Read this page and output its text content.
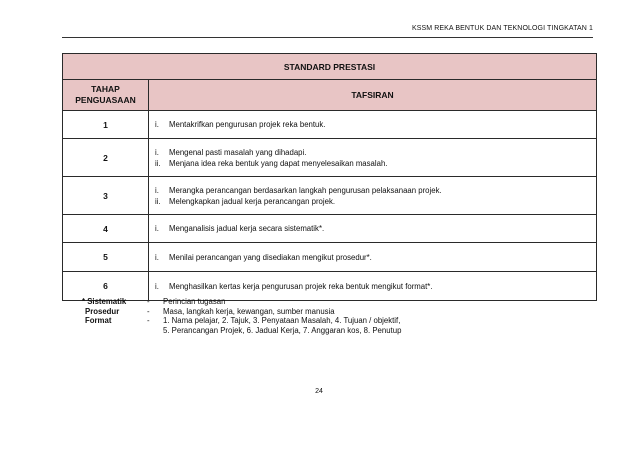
KSSM REKA BENTUK DAN TEKNOLOGI TINGKATAN 1
STANDARD PRESTASI	
TAHAP PENGUASAAN	TAFSIRAN
1	i. Mentakrifkan pengurusan projek reka bentuk.

2	i. Mengenal pasti masalah yang dihadapi.
ii. Menjana idea reka bentuk yang dapat menyelesaikan masalah.

3	i. Merangka perancangan berdasarkan langkah pengurusan pelaksanaan projek.
ii. Melengkapkan jadual kerja perancangan projek.

4	i. Menganalisis jadual kerja secara sistematik*.

5	i. Menilai perancangan yang disediakan mengikut prosedur*.

6	i. Menghasilkan kertas kerja pengurusan projek reka bentuk mengikut format*.
* Sistematik	-	Perincian tugasan
Prosedur	-	Masa, langkah kerja, kewangan, sumber manusia
Format	-	1. Nama pelajar, 2. Tajuk, 3. Penyataan Masalah, 4. Tujuan / objektif,
5. Perancangan Projek, 6. Jadual Kerja, 7. Anggaran kos, 8. Penutup
24
